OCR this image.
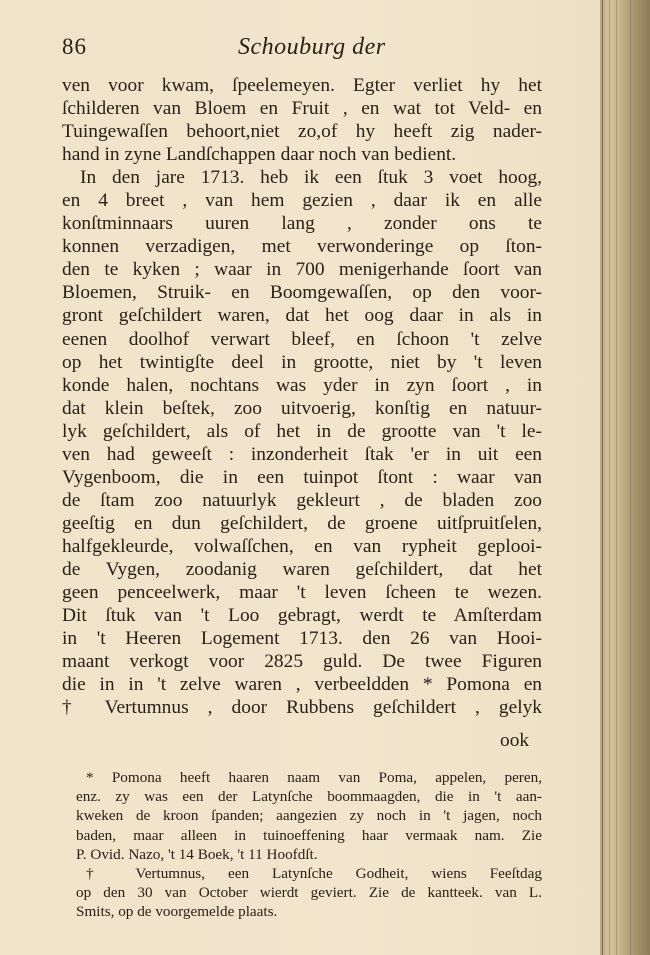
86	Schouburg der
ven voor kwam, ſpeelemeyen. Egter verliet hy het
ſchilderen van Bloem en Fruit , en wat tot Veld- en
Tuingewaſſen behoort,niet zo,of hy heeft zig nader-
hand in zyne Landſchappen daar noch van bedient.
In den jare 1713. heb ik een ſtuk 3 voet hoog,
en 4 breet , van hem gezien , daar ik en alle
konſtminnaars uuren lang , zonder ons te
konnen verzadigen, met verwonderinge op ſton-
den te kyken ; waar in 700 menigerhande ſoort van
Bloemen, Struik- en Boomgewaſſen, op den voor-
gront geſchildert waren, dat het oog daar in als in
eenen doolhof verwart bleef, en ſchoon 't zelve
op het twintigſte deel in grootte, niet by 't leven
konde halen, nochtans was yder in zyn ſoort , in
dat klein beſtek, zoo uitvoerig, konſtig en natuur-
lyk geſchildert, als of het in de grootte van 't le-
ven had geweeſt : inzonderheit ſtak 'er in uit een
Vygenboom, die in een tuinpot ſtont : waar van
de ſtam zoo natuurlyk gekleurt , de bladen zoo
geeſtig en dun geſchildert, de groene uitſpruitſelen,
halfgekleurde, volwaſſchen, en van rypheit geplooi-
de Vygen, zoodanig waren geſchildert, dat het
geen penceelwerk, maar 't leven ſcheen te wezen.
Dit ſtuk van 't Loo gebragt, werdt te Amſterdam
in 't Heeren Logement 1713. den 26 van Hooi-
maant verkogt voor 2825 guld. De twee Figuren
die in in 't zelve waren , verbeeldden * Pomona en
† Vertumnus , door Rubbens geſchildert , gelyk
ook
* Pomona heeft haaren naam van Poma, appelen, peren,
enz. zy was een der Latynſche boommaagden, die in 't aan-
kweken de kroon ſpanden; aangezien zy noch in 't jagen, noch
baden, maar alleen in tuinoeffening haar vermaak nam. Zie
P. Ovid. Nazo, 't 14 Boek, 't 11 Hoofdſt.
† Vertumnus, een Latynſche Godheit, wiens Feeſtdag
op den 30 van October wierdt geviert. Zie de kantteek. van L.
Smits, op de voorgemelde plaats.
